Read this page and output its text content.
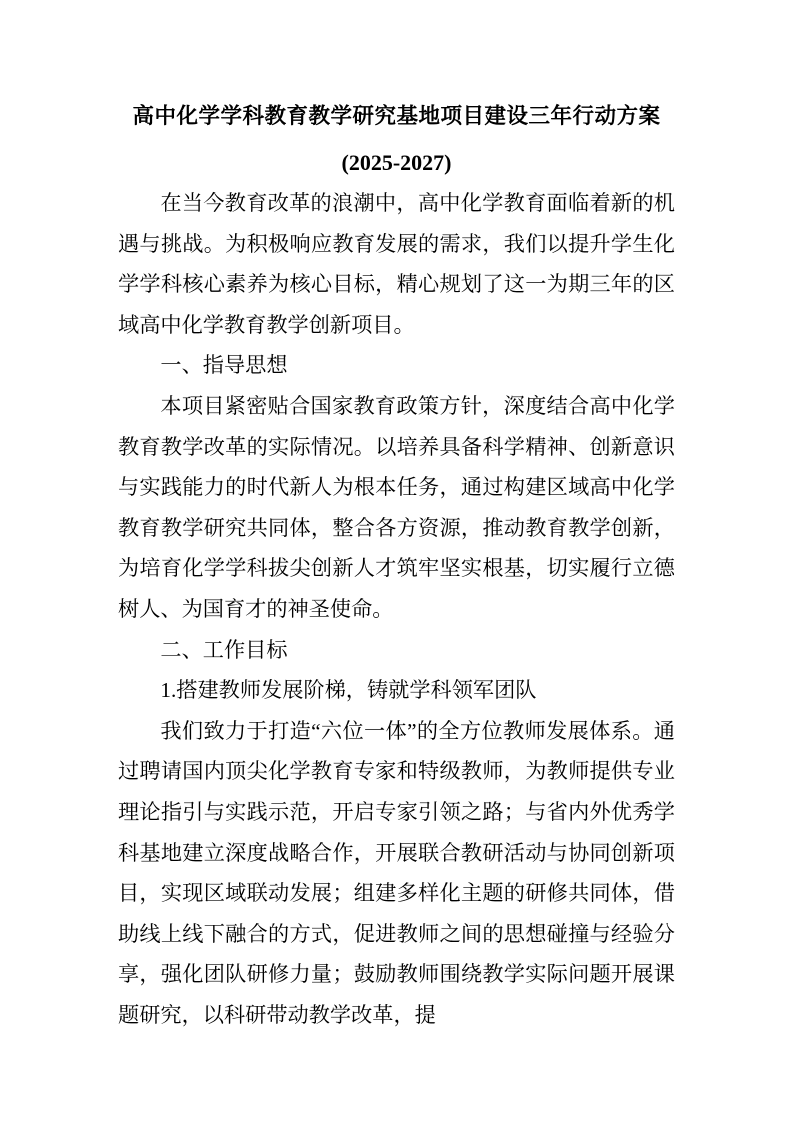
高中化学学科教育教学研究基地项目建设三年行动方案
(2025-2027)

在当今教育改革的浪潮中，高中化学教育面临着新的机遇与挑战。为积极响应教育发展的需求，我们以提升学生化学学科核心素养为核心目标，精心规划了这一为期三年的区域高中化学教育教学创新项目。

一、指导思想

本项目紧密贴合国家教育政策方针，深度结合高中化学教育教学改革的实际情况。以培养具备科学精神、创新意识与实践能力的时代新人为根本任务，通过构建区域高中化学教育教学研究共同体，整合各方资源，推动教育教学创新，为培育化学学科拔尖创新人才筑牢坚实根基，切实履行立德树人、为国育才的神圣使命。

二、工作目标

1.搭建教师发展阶梯，铸就学科领军团队

我们致力于打造“六位一体”的全方位教师发展体系。通过聘请国内顶尖化学教育专家和特级教师，为教师提供专业理论指引与实践示范，开启专家引领之路；与省内外优秀学科基地建立深度战略合作，开展联合教研活动与协同创新项目，实现区域联动发展；组建多样化主题的研修共同体，借助线上线下融合的方式，促进教师之间的思想碰撞与经验分享，强化团队研修力量；鼓励教师围绕教学实际问题开展课题研究，以科研带动教学改革，提
